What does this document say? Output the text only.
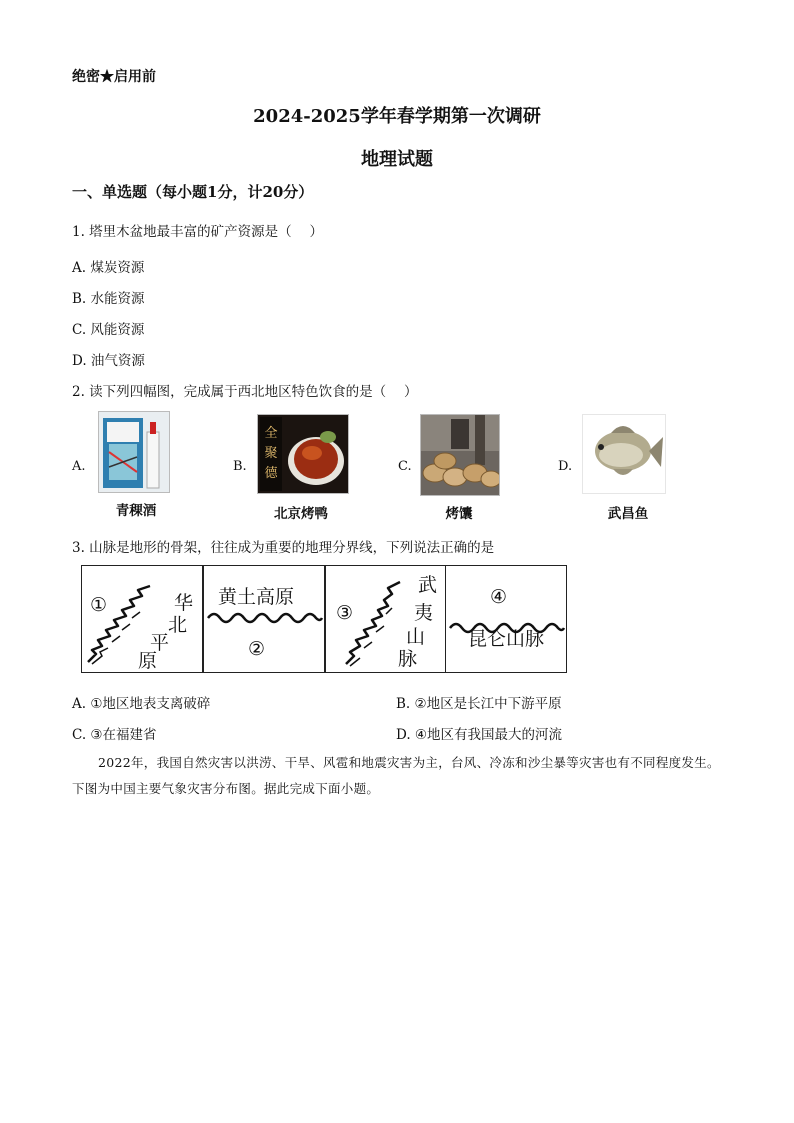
绝密★启用前
2024-2025学年春学期第一次调研
地理试题
一、单选题（每小题1分，计20分）
1. 塔里木盆地最丰富的矿产资源是（　 ）
A. 煤炭资源
B. 水能资源
C. 风能资源
D. 油气资源
2. 读下列四幅图，完成属于西北地区特色饮食的是（　 ）
A.
青稞酒
B.
全
聚
德
北京烤鸭
C.
烤馕
D.
武昌鱼
3. 山脉是地形的骨架，往往成为重要的地理分界线，下列说法正确的是
①	华
北
平
原
黄土高原
②
③
武
夷
山
脉
④
昆仑山脉
A. ①地区地表支离破碎	B. ②地区是长江中下游平原
C. ③在福建省	D. ④地区有我国最大的河流
2022年，我国自然灾害以洪涝、干旱、风雹和地震灾害为主，台风、冷冻和沙尘暴等灾害也有不同程度发生。下图为中国主要气象灾害分布图。据此完成下面小题。
